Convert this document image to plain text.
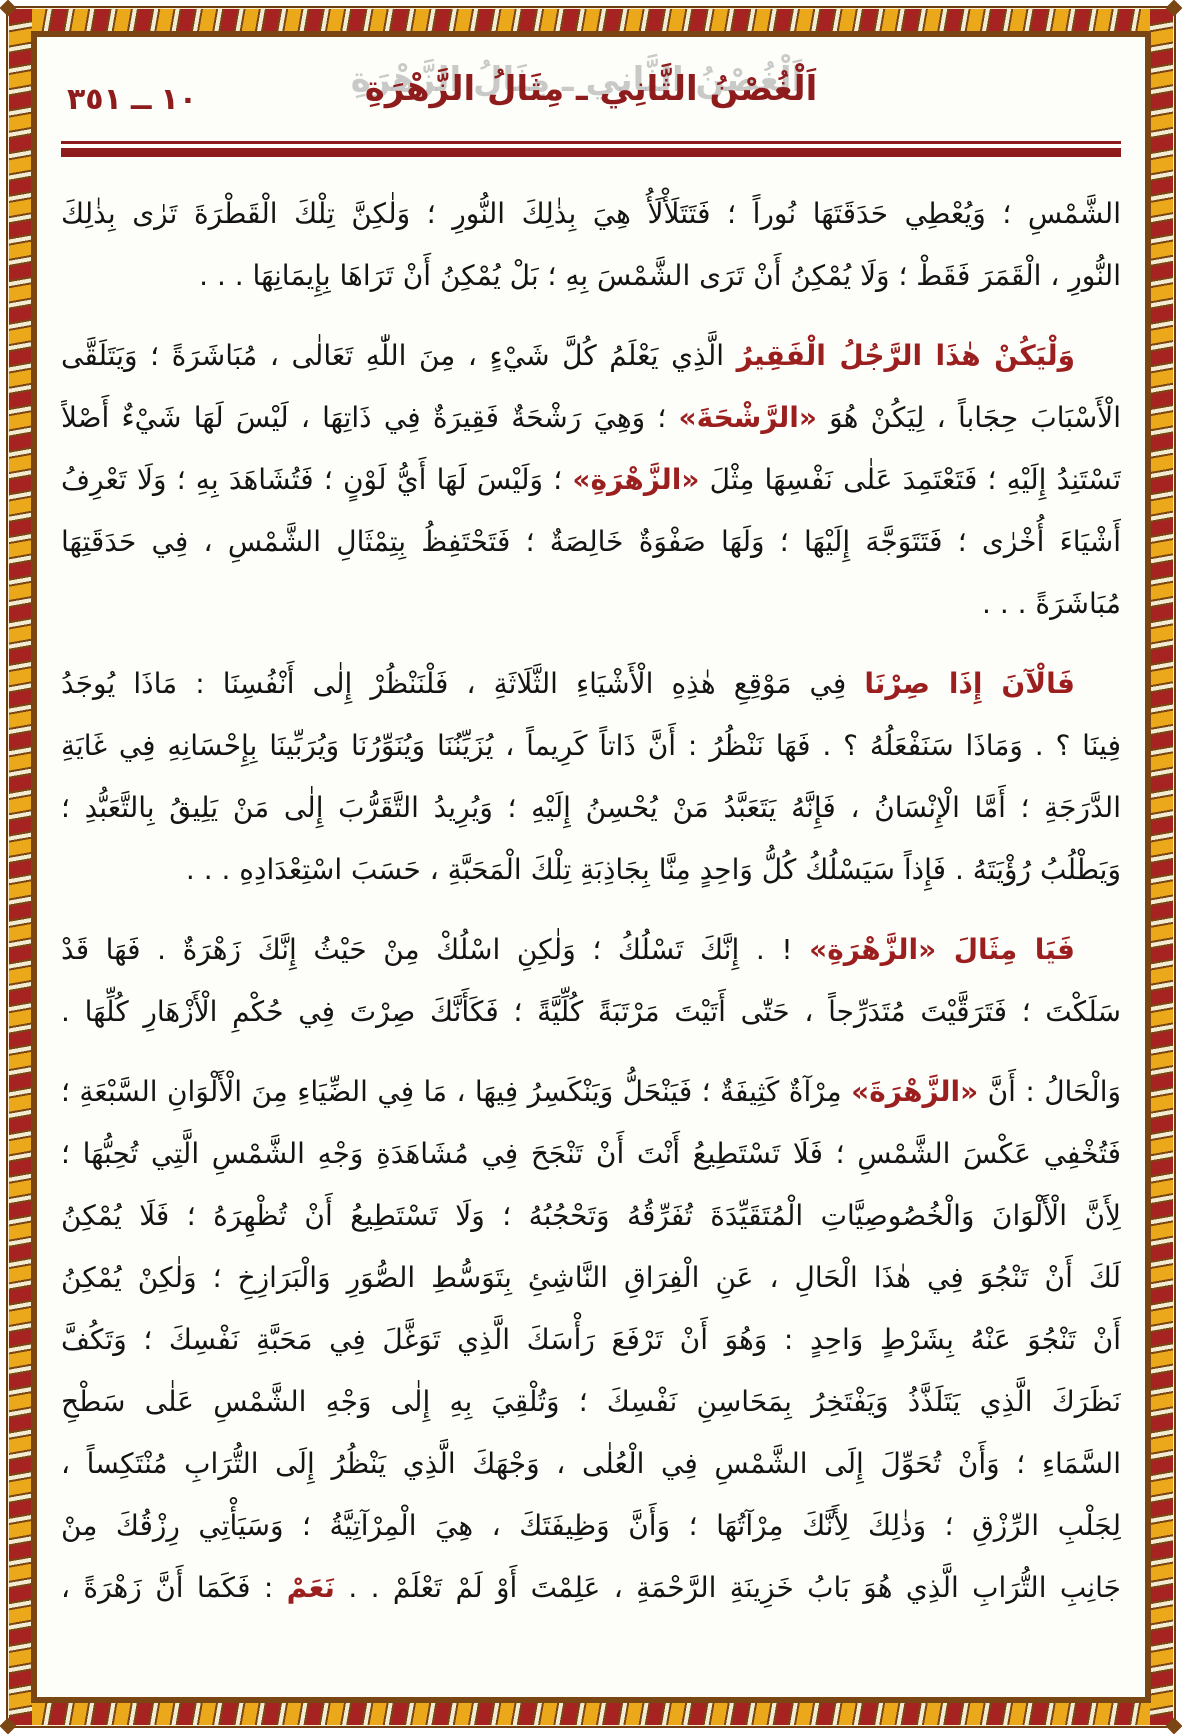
١٠
ــ
٣٥١	اَلْغُصْنُ الثَّانِي ـ مِثَالُ الزَّهْرَةِ
الشَّمْسِ ؛ وَيُعْطِي حَدَقَتَهَا نُوراً ؛ فَتَتَلَأْلَأُ هِيَ بِذٰلِكَ النُّورِ ؛ وَلٰكِنَّ تِلْكَ الْقَطْرَةَ تَرٰى بِذٰلِكَ
النُّورِ ، الْقَمَرَ فَقَطْ ؛ وَلَا يُمْكِنُ أَنْ تَرَى الشَّمْسَ بِهِ ؛ بَلْ يُمْكِنُ أَنْ تَرَاهَا بِإِيمَانِهَا . . .
وَلْيَكُنْ هٰذَا الرَّجُلُ الْفَقِيرُ الَّذِي يَعْلَمُ كُلَّ شَيْءٍ ، مِنَ اللّٰهِ تَعَالٰى ، مُبَاشَرَةً ؛ وَيَتَلَقَّى
الْأَسْبَابَ حِجَاباً ، لِيَكُنْ هُوَ «الرَّشْحَةَ» ؛ وَهِيَ رَشْحَةٌ فَقِيرَةٌ فِي ذَاتِهَا ، لَيْسَ لَهَا شَيْءٌ أَصْلاً
تَسْتَنِدُ إِلَيْهِ ؛ فَتَعْتَمِدَ عَلٰى نَفْسِهَا مِثْلَ «الزَّهْرَةِ» ؛ وَلَيْسَ لَهَا أَيُّ لَوْنٍ ؛ فَتُشَاهَدَ بِهِ ؛ وَلَا تَعْرِفُ
أَشْيَاءَ أُخْرٰى ؛ فَتَتَوَجَّهَ إِلَيْهَا ؛ وَلَهَا صَفْوَةٌ خَالِصَةٌ ؛ فَتَحْتَفِظُ بِتِمْثَالِ الشَّمْسِ ، فِي حَدَقَتِهَا
مُبَاشَرَةً . . .
فَالْآنَ إِذَا صِرْنَا فِي مَوْقِعِ هٰذِهِ الْأَشْيَاءِ الثَّلَاثَةِ ، فَلْنَنْظُرْ إِلٰى أَنْفُسِنَا : مَاذَا يُوجَدُ
فِينَا ؟ . وَمَاذَا سَنَفْعَلُهُ ؟ . فَهَا نَنْظُرُ : أَنَّ ذَاتاً كَرِيماً ، يُزَيِّنُنَا وَيُنَوِّرُنَا وَيُرَبِّينَا بِإِحْسَانِهِ فِي غَايَةِ
الدَّرَجَةِ ؛ أَمَّا الْإِنْسَانُ ، فَإِنَّهُ يَتَعَبَّدُ مَنْ يُحْسِنُ إِلَيْهِ ؛ وَيُرِيدُ التَّقَرُّبَ إِلٰى مَنْ يَلِيقُ بِالتَّعَبُّدِ ؛
وَيَطْلُبُ رُؤْيَتَهُ . فَإِذاً سَيَسْلُكُ كُلُّ وَاحِدٍ مِنَّا بِجَاذِبَةِ تِلْكَ الْمَحَبَّةِ ، حَسَبَ اسْتِعْدَادِهِ . . .
فَيَا مِثَالَ «الزَّهْرَةِ» ! . إِنَّكَ تَسْلُكُ ؛ وَلٰكِنِ اسْلُكْ مِنْ حَيْثُ إِنَّكَ زَهْرَةٌ . فَهَا قَدْ
سَلَكْتَ ؛ فَتَرَقَّيْتَ مُتَدَرِّجاً ، حَتّٰى أَتَيْتَ مَرْتَبَةً كُلِّيَّةً ؛ فَكَأَنَّكَ صِرْتَ فِي حُكْمِ الْأَزْهَارِ كُلِّهَا .
وَالْحَالُ : أَنَّ «الزَّهْرَةَ» مِرْآةٌ كَثِيفَةٌ ؛ فَيَنْحَلُّ وَيَنْكَسِرُ فِيهَا ، مَا فِي الضِّيَاءِ مِنَ الْأَلْوَانِ السَّبْعَةِ ؛
فَتُخْفِي عَكْسَ الشَّمْسِ ؛ فَلَا تَسْتَطِيعُ أَنْتَ أَنْ تَنْجَحَ فِي مُشَاهَدَةِ وَجْهِ الشَّمْسِ الَّتِي تُحِبُّهَا ؛
لِأَنَّ الْأَلْوَانَ وَالْخُصُوصِيَّاتِ الْمُتَقَيِّدَةَ تُفَرِّقُهُ وَتَحْجُبُهُ ؛ وَلَا تَسْتَطِيعُ أَنْ تُظْهِرَهُ ؛ فَلَا يُمْكِنُ
لَكَ أَنْ تَنْجُوَ فِي هٰذَا الْحَالِ ، عَنِ الْفِرَاقِ النَّاشِئِ بِتَوَسُّطِ الصُّوَرِ وَالْبَرَازِخِ ؛ وَلٰكِنْ يُمْكِنُ
أَنْ تَنْجُوَ عَنْهُ بِشَرْطٍ وَاحِدٍ : وَهُوَ أَنْ تَرْفَعَ رَأْسَكَ الَّذِي تَوَغَّلَ فِي مَحَبَّةِ نَفْسِكَ ؛ وَتَكُفَّ
نَظَرَكَ الَّذِي يَتَلَذَّذُ وَيَفْتَخِرُ بِمَحَاسِنِ نَفْسِكَ ؛ وَتُلْقِيَ بِهِ إِلٰى وَجْهِ الشَّمْسِ عَلٰى سَطْحِ
السَّمَاءِ ؛ وَأَنْ تُحَوِّلَ إِلَى الشَّمْسِ فِي الْعُلٰى ، وَجْهَكَ الَّذِي يَنْظُرُ إِلَى التُّرَابِ مُنْتَكِساً ،
لِجَلْبِ الرِّزْقِ ؛ وَذٰلِكَ لِأَنَّكَ مِرْآتُهَا ؛ وَأَنَّ وَظِيفَتَكَ ، هِيَ الْمِرْآتِيَّةُ ؛ وَسَيَأْتِي رِزْقُكَ مِنْ
جَانِبِ التُّرَابِ الَّذِي هُوَ بَابُ خَزِينَةِ الرَّحْمَةِ ، عَلِمْتَ أَوْ لَمْ تَعْلَمْ . . نَعَمْ : فَكَمَا أَنَّ زَهْرَةً ،
